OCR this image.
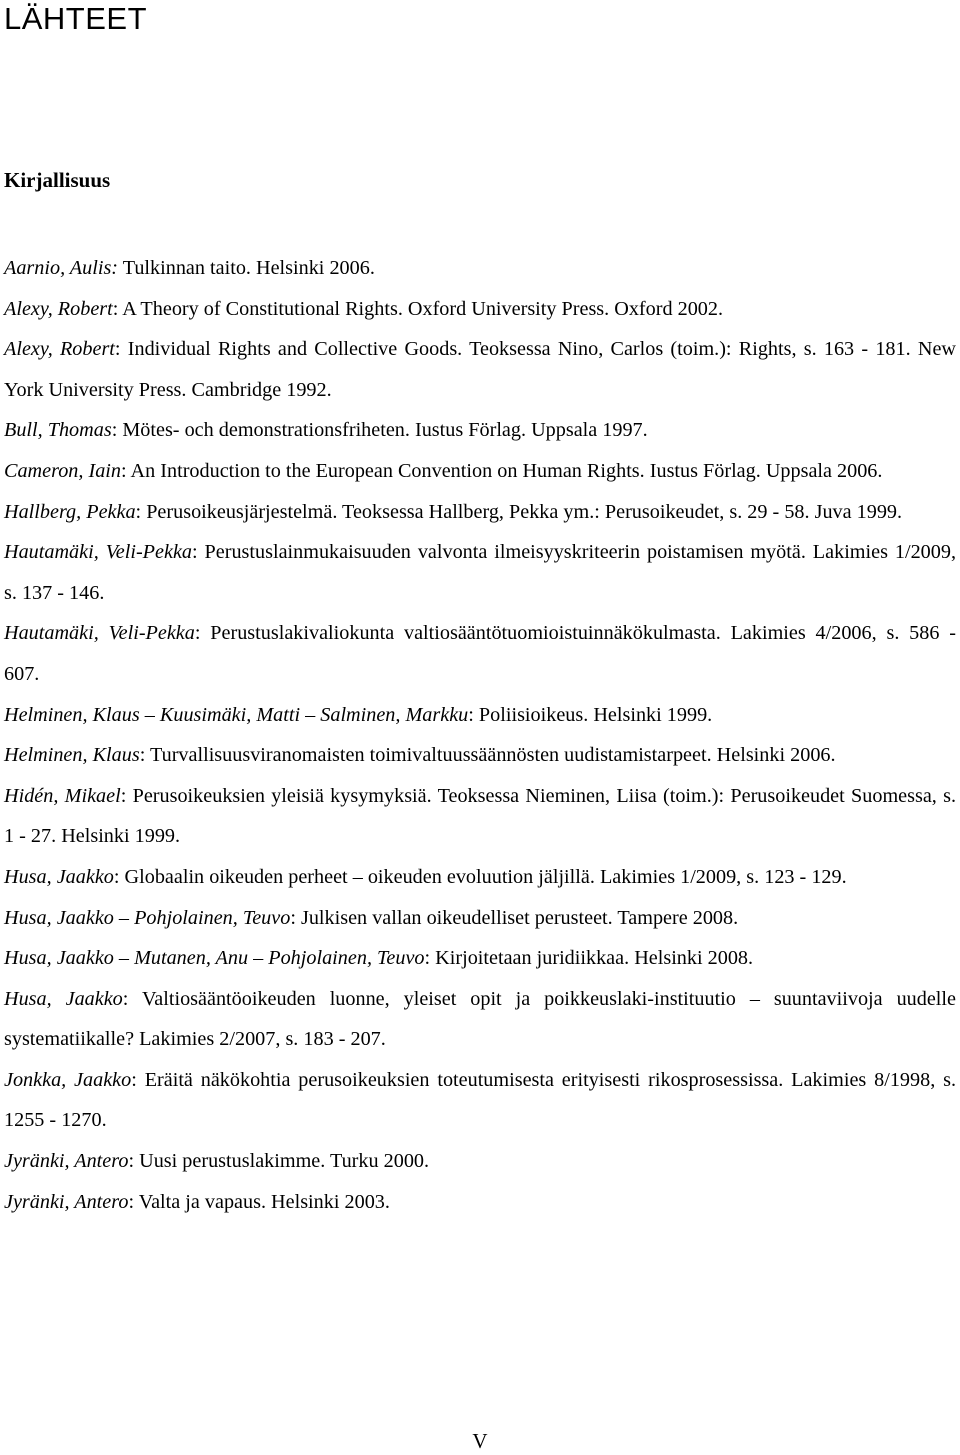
LÄHTEET
Kirjallisuus
Aarnio, Aulis: Tulkinnan taito. Helsinki 2006.
Alexy, Robert: A Theory of Constitutional Rights. Oxford University Press. Oxford 2002.
Alexy, Robert: Individual Rights and Collective Goods. Teoksessa Nino, Carlos (toim.): Rights, s. 163 - 181. New York University Press. Cambridge 1992.
Bull, Thomas: Mötes- och demonstrationsfriheten. Iustus Förlag. Uppsala 1997.
Cameron, Iain: An Introduction to the European Convention on Human Rights. Iustus Förlag. Uppsala 2006.
Hallberg, Pekka: Perusoikeusjärjestelmä. Teoksessa Hallberg, Pekka ym.: Perusoikeudet, s. 29 - 58. Juva 1999.
Hautamäki, Veli-Pekka: Perustuslainmukaisuuden valvonta ilmeisyyskriteerin poistamisen myötä. Lakimies 1/2009, s. 137 - 146.
Hautamäki, Veli-Pekka: Perustuslakivaliokunta valtiosääntötuomioistuinnäkökulmasta. Lakimies 4/2006, s. 586 - 607.
Helminen, Klaus – Kuusimäki, Matti – Salminen, Markku: Poliisioikeus. Helsinki 1999.
Helminen, Klaus: Turvallisuusviranomaisten toimivaltuussäännösten uudistamistarpeet. Helsinki 2006.
Hidén, Mikael: Perusoikeuksien yleisiä kysymyksiä. Teoksessa Nieminen, Liisa (toim.): Perusoikeudet Suomessa, s. 1 - 27. Helsinki 1999.
Husa, Jaakko: Globaalin oikeuden perheet – oikeuden evoluution jäljillä. Lakimies 1/2009, s. 123 - 129.
Husa, Jaakko – Pohjolainen, Teuvo: Julkisen vallan oikeudelliset perusteet. Tampere 2008.
Husa, Jaakko – Mutanen, Anu – Pohjolainen, Teuvo: Kirjoitetaan juridiikkaa. Helsinki 2008.
Husa, Jaakko: Valtiosääntöoikeuden luonne, yleiset opit ja poikkeuslaki-instituutio – suuntaviivoja uudelle systematiikalle? Lakimies 2/2007, s. 183 - 207.
Jonkka, Jaakko: Eräitä näkökohtia perusoikeuksien toteutumisesta erityisesti rikosprosessissa. Lakimies 8/1998, s. 1255 - 1270.
Jyränki, Antero: Uusi perustuslakimme. Turku 2000.
Jyränki, Antero: Valta ja vapaus. Helsinki 2003.
V
